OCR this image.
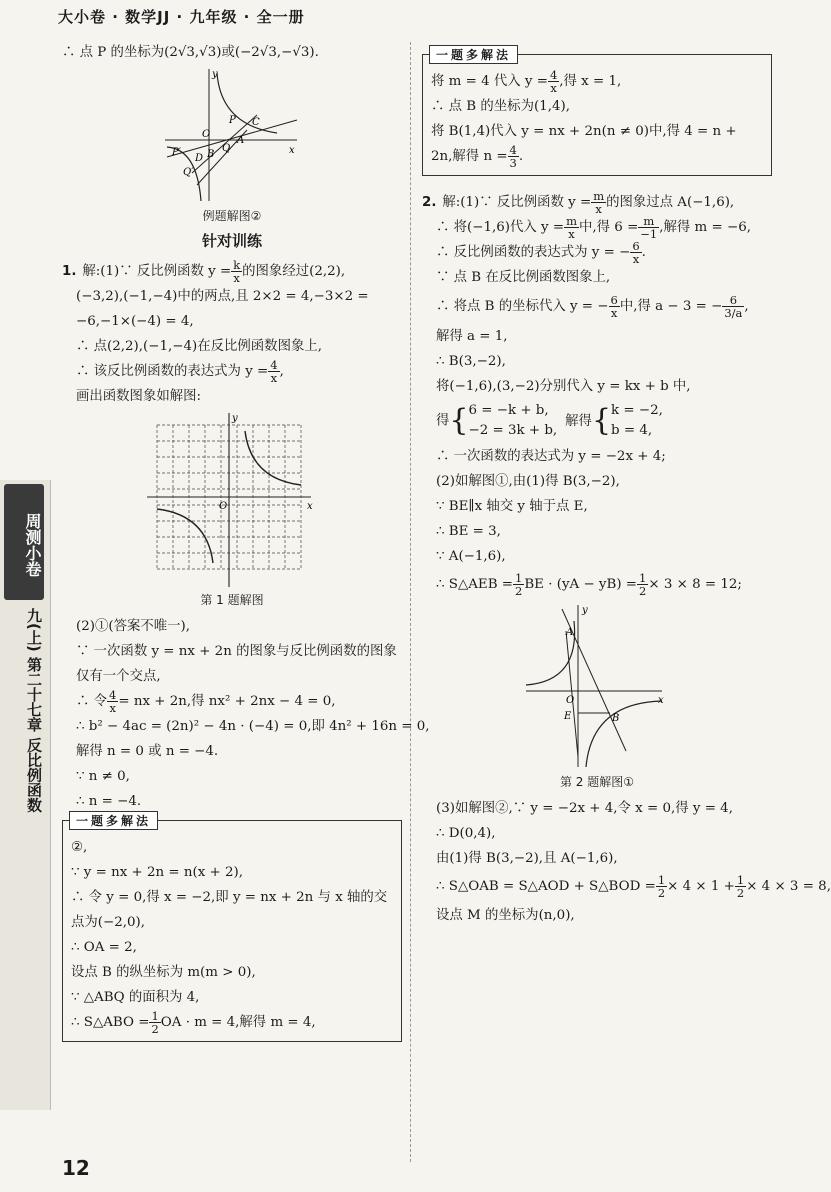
大小卷 · 数学JJ · 九年级 · 全一册
周测小卷
九(上) 第二十七章 反比例函数
∴ 点 P 的坐标为(2√3,√3)或(−2√3,−√3).
y
x
P C
O
Q
A
P′
D B
Q′
例题解图②
针对训练
1. 解:(1)∵ 反比例函数 $y = \frac{k}{x}$ 的图象经过(2,2),
(−3,2),(−1,−4)中的两点,且 2×2 = 4,−3×2 =
−6,−1×(−4) = 4,
∴ 点(2,2),(−1,−4)在反比例函数图象上,
∴ 该反比例函数的表达式为 $y = \frac{4}{x}$ ,
画出函数图象如解图:
y
x
O
第 1 题解图
(2)①(答案不唯一),
∵ 一次函数 y = nx + 2n 的图象与反比例函数的图象
仅有一个交点,
∴ 令 $\frac{4}{x}$ = nx + 2n,得 nx² + 2nx − 4 = 0,
∴ b² − 4ac = (2n)² − 4n · (−4) = 0,即 4n² + 16n = 0,
解得 n = 0 或 n = −4.
∵ n ≠ 0,
∴ n = −4.
一题多解法
②,
∵ y = nx + 2n = n(x + 2),
∴ 令 y = 0,得 x = −2,即 y = nx + 2n 与 x 轴的交
点为(−2,0),
∴ OA = 2,
设点 B 的纵坐标为 m(m > 0),
∵ △ABQ 的面积为 4,
∴ S△ABO = $\frac{1}{2}$ OA · m = 4,解得 m = 4,
一题多解法
将 m = 4 代入 $y = \frac{4}{x}$ ,得 x = 1,
∴ 点 B 的坐标为(1,4),
将 B(1,4)代入 y = nx + 2n(n ≠ 0)中,得 4 = n +
2n,解得 $n = \frac{4}{3}$ .
2. 解:(1)∵ 反比例函数 $y = \frac{m}{x}$ 的图象过点 A(−1,6),
∴ 将(−1,6)代入 $y = \frac{m}{x}$ 中,得 $6 = \frac{m}{-1}$ ,解得 m = −6,
∴ 反比例函数的表达式为 y = − $\frac{6}{x}$ .
∵ 点 B 在反比例函数图象上,
∴ 将点 B 的坐标代入 y = − $\frac{6}{x}$ 中,得 a − 3 = − $\frac{6}{3/a}$ ,
解得 a = 1,
∴ B(3,−2),
将(−1,6),(3,−2)分别代入 y = kx + b 中,
得{6 = −k + b,
−2 = 3k + b,解得{k = −2,
b = 4,
∴ 一次函数的表达式为 y = −2x + 4;
(2)如解图①,由(1)得 B(3,−2),
∵ BE∥x 轴交 y 轴于点 E,
∴ BE = 3,
∵ A(−1,6),
∴ S△AEB = $\frac{1}{2}$ BE · $(yA - yB) = \frac{1}{2} \times 3 \times 8 = 12$;
y
x
A
O
E	B
第 2 题解图①
(3)如解图②,∵ y = −2x + 4,令 x = 0,得 y = 4,
∴ D(0,4),
由(1)得 B(3,−2),且 A(−1,6),
∴ S△OAB = S△AOD + S△BOD = $\frac{1}{2} \times 4 \times 1 + \frac{1}{2} \times 4 \times 3 = 8$,
设点 M 的坐标为(n,0),
12
